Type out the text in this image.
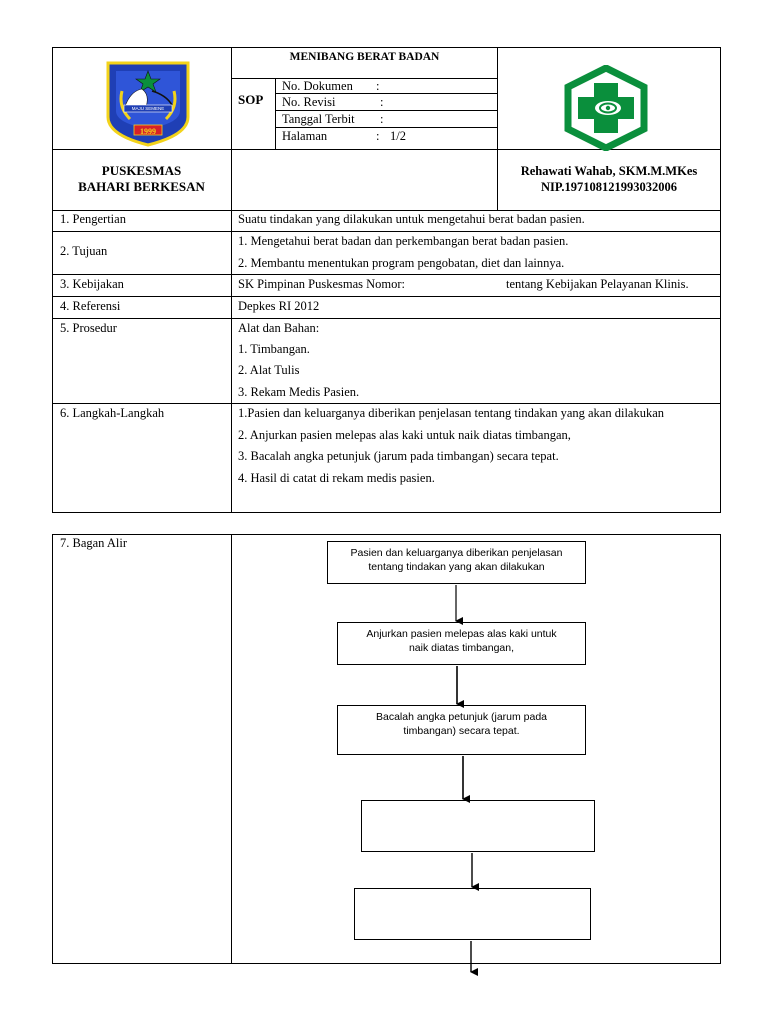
MAJU SEMENE
1999
MENIBANG BERAT BADAN
SOP
No. Dokumen :
No. Revisi	:
Tanggal Terbit :
Halaman	: 1/2
PUSKESMAS
BAHARI BERKESAN
Rehawati Wahab, SKM.M.MKes
NIP.197108121993032006
1. Pengertian	Suatu tindakan yang dilakukan untuk mengetahui berat badan pasien.
2. Tujuan
1. Mengetahui berat badan dan perkembangan berat badan pasien.
2. Membantu menentukan program pengobatan, diet dan lainnya.
3. Kebijakan	SK Pimpinan Puskesmas Nomor:	tentang Kebijakan Pelayanan Klinis.
4. Referensi	Depkes RI 2012
5. Prosedur	Alat dan Bahan:
1. Timbangan.
2. Alat Tulis
3. Rekam Medis Pasien.
6. Langkah-Langkah	1.Pasien dan keluarganya diberikan penjelasan tentang tindakan yang akan dilakukan
2. Anjurkan pasien melepas alas kaki untuk naik diatas timbangan,
3. Bacalah angka petunjuk (jarum pada timbangan) secara tepat.
4. Hasil di catat di rekam medis pasien.
7. Bagan Alir
Pasien dan keluarganya diberikan penjelasan
tentang tindakan yang akan dilakukan
Anjurkan pasien melepas alas kaki untuk
naik diatas timbangan,
Bacalah angka petunjuk (jarum pada
timbangan) secara tepat.
